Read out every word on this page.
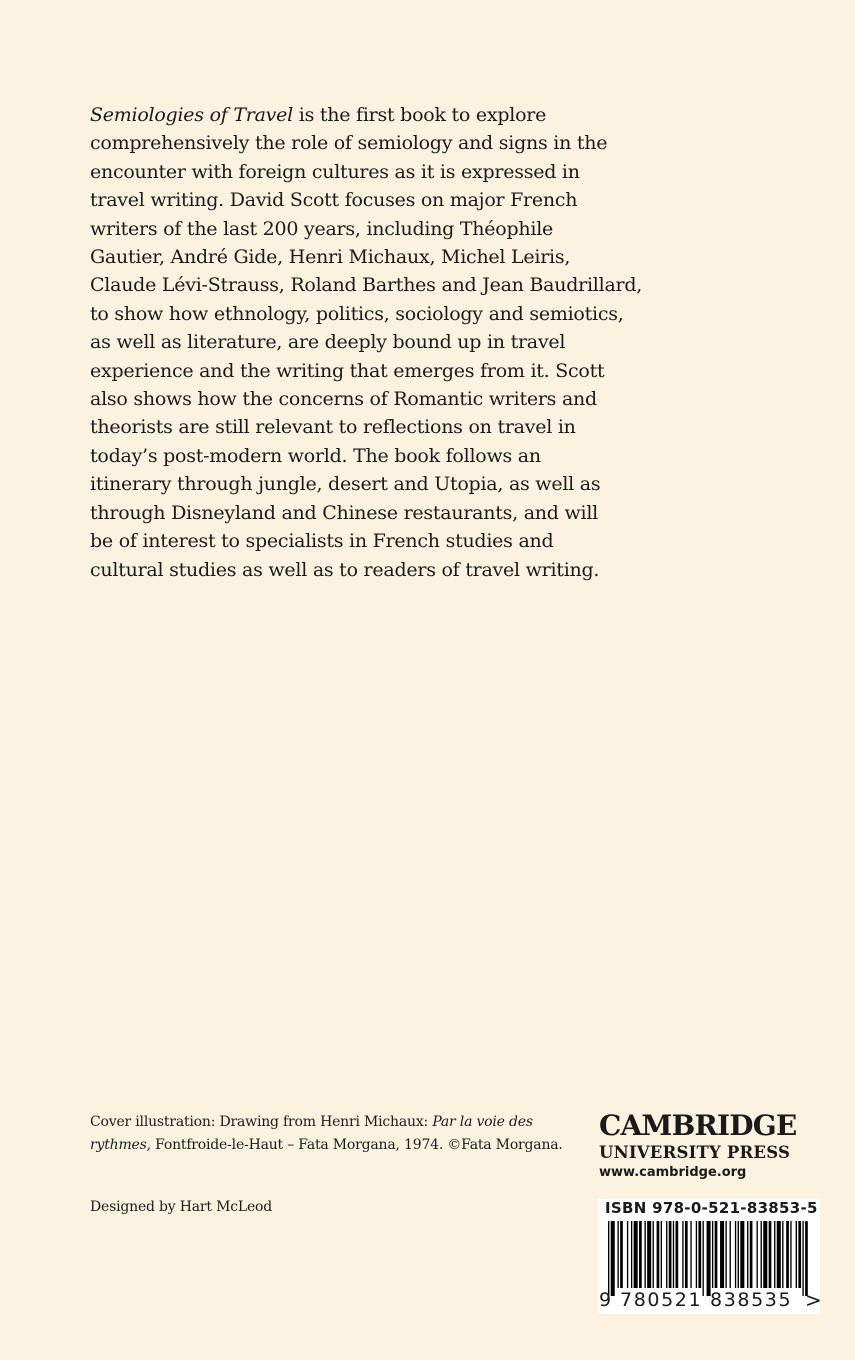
Semiologies of Travel is the first book to explore
comprehensively the role of semiology and signs in the
encounter with foreign cultures as it is expressed in
travel writing. David Scott focuses on major French
writers of the last 200 years, including Théophile
Gautier, André Gide, Henri Michaux, Michel Leiris,
Claude Lévi-Strauss, Roland Barthes and Jean Baudrillard,
to show how ethnology, politics, sociology and semiotics,
as well as literature, are deeply bound up in travel
experience and the writing that emerges from it. Scott
also shows how the concerns of Romantic writers and
theorists are still relevant to reflections on travel in
today’s post-modern world. The book follows an
itinerary through jungle, desert and Utopia, as well as
through Disneyland and Chinese restaurants, and will
be of interest to specialists in French studies and
cultural studies as well as to readers of travel writing.
Cover illustration: Drawing from Henri Michaux: Par la voie des
rythmes, Fontfroide-le-Haut – Fata Morgana, 1974. ©Fata Morgana.
Designed by Hart McLeod
CAMBRIDGE
UNIVERSITY PRESS
www.cambridge.org
ISBN 978-0-521-83853-5
9 780521 838535 >
